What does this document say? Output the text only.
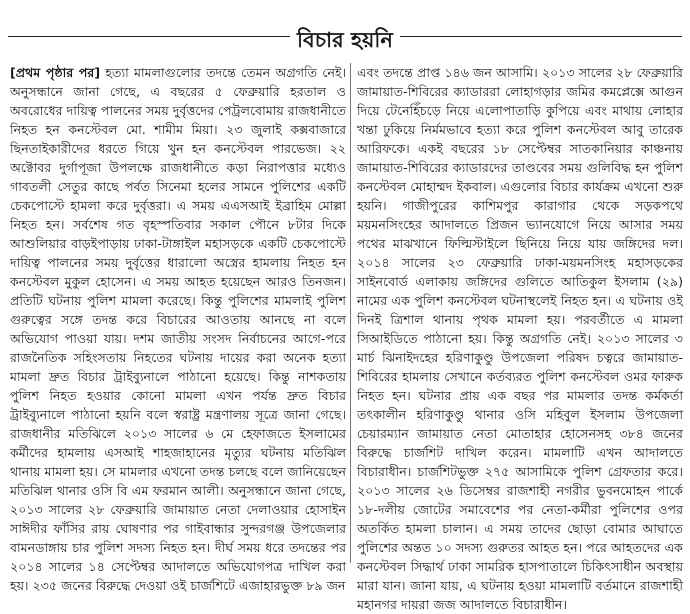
বিচার হয়নি
[প্রথম পৃষ্ঠার পর] হত্যা মামলাগুলোর তদন্তে তেমন অগ্রগতি নেই। অনুসন্ধানে জানা গেছে, এ বছরের ৫ ফেব্রুয়ারি হরতাল ও অবরোধের দায়িত্ব পালনের সময় দুর্বৃত্তদের পেট্রলবোমায় রাজধানীতে নিহত হন কনস্টেবল মো. শামীম মিয়া। ২৩ জুলাই কক্সবাজারে ছিনতাইকারীদের ধরতে গিয়ে খুন হন কনস্টেবল পারভেজ। ২২ অক্টোবর দুর্গাপূজা উপলক্ষে রাজধানীতে কড়া নিরাপত্তার মধ্যেও গাবতলী সেতুর কাছে পর্বত সিনেমা হলের সামনে পুলিশের একটি চেকপোস্টে হামলা করে দুর্বৃত্তরা। এ সময় এএসআই ইব্রাহিম মোল্লা নিহত হন। সর্বশেষ গত বৃহস্পতিবার সকাল পৌনে ৮টার দিকে আশুলিয়ার বাড়ইপাড়ায় ঢাকা-টাঙ্গাইল মহাসড়কে একটি চেকপোস্টে দায়িত্ব পালনের সময় দুর্বৃত্তের ধারালো অস্ত্রের হামলায় নিহত হন কনস্টেবল মুকুল হোসেন। এ সময় আহত হয়েছেন আরও তিনজন। প্রতিটি ঘটনায় পুলিশ মামলা করেছে। কিন্তু পুলিশের মামলাই পুলিশ গুরুত্বের সঙ্গে তদন্ত করে বিচারের আওতায় আনছে না বলে অভিযোগ পাওয়া যায়। দশম জাতীয় সংসদ নির্বাচনের আগে-পরে রাজনৈতিক সহিংসতায় নিহতের ঘটনায় দায়ের করা অনেক হত্যা মামলা দ্রুত বিচার ট্রাইব্যুনালে পাঠানো হয়েছে। কিন্তু নাশকতায় পুলিশ নিহত হওয়ার কোনো মামলা এখন পর্যন্ত দ্রুত বিচার ট্রাইব্যুনালে পাঠানো হয়নি বলে স্বরাষ্ট্র মন্ত্রণালয় সূত্রে জানা গেছে। রাজধানীর মতিঝিলে ২০১৩ সালের ৬ মে হেফাজতে ইসলামের কর্মীদের হামলায় এসআই শাহজাহানের মৃত্যুর ঘটনায় মতিঝিল থানায় মামলা হয়। সে মামলার এখনো তদন্ত চলছে বলে জানিয়েছেন মতিঝিল থানার ওসি বি এম ফরমান আলী। অনুসন্ধানে জানা গেছে, ২০১৩ সালের ২৮ ফেব্রুয়ারি জামায়াত নেতা দেলাওয়ার হোসাইন সাঈদীর ফাঁসির রায় ঘোষণার পর গাইবান্ধার সুন্দরগঞ্জ উপজেলার বামনডাঙ্গায় চার পুলিশ সদস্য নিহত হন। দীর্ঘ সময় ধরে তদন্তের পর ২০১৪ সালের ১৪ সেপ্টেম্বর আদালতে অভিযোগপত্র দাখিল করা হয়। ২৩৫ জনের বিরুদ্ধে দেওয়া ওই চার্জশিটে এজাহারভুক্ত ৮৯ জন
এবং তদন্তে প্রাপ্ত ১৪৬ জন আসামি। ২০১৩ সালের ২৮ ফেব্রুয়ারি জামায়াত-শিবিরের ক্যাডাররা লোহাগড়ার জমির কমপ্লেক্সে আগুন দিয়ে টেনেহিঁচড়ে নিয়ে এলোপাতাড়ি কুপিয়ে এবং মাথায় লোহার খন্তা ঢুকিয়ে নির্মমভাবে হত্যা করে পুলিশ কনস্টেবল আবু তারেক আরিফকে। একই বছরের ১৮ সেপ্টেম্বর সাতকানিয়ার কাঞ্চনায় জামায়াত-শিবিরের ক্যাডারদের তাণ্ডবের সময় গুলিবিদ্ধ হন পুলিশ কনস্টেবল মোহাম্মদ ইকবাল। এগুলোর বিচার কার্যক্রম এখনো শুরু হয়নি। গাজীপুরের কাশিমপুর কারাগার থেকে সড়কপথে ময়মনসিংহের আদালতে প্রিজন ভ্যানযোগে নিয়ে আসার সময় পথের মাঝখানে ফিল্মিস্টাইলে ছিনিয়ে নিয়ে যায় জঙ্গিদের দল। ২০১৪ সালের ২৩ ফেব্রুয়ারি ঢাকা-ময়মনসিংহ মহাসড়কের সাইনবোর্ড এলাকায় জঙ্গিদের গুলিতে আতিকুল ইসলাম (২৯) নামের এক পুলিশ কনস্টেবল ঘটনাস্থলেই নিহত হন। এ ঘটনায় ওই দিনই ত্রিশাল থানায় পৃথক মামলা হয়। পরবর্তীতে এ মামলা সিআইডিতে পাঠানো হয়। কিন্তু অগ্রগতি নেই। ২০১৩ সালের ৩ মার্চ ঝিনাইদহের হরিণাকুণ্ডু উপজেলা পরিষদ চত্বরে জামায়াত-শিবিরের হামলায় সেখানে কর্তব্যরত পুলিশ কনস্টেবল ওমর ফারুক নিহত হন। ঘটনার প্রায় এক বছর পর মামলার তদন্ত কর্মকর্তা তৎকালীন হরিণাকুণ্ডু থানার ওসি মহিবুল ইসলাম উপজেলা চেয়ারম্যান জামায়াত নেতা মোতাহার হোসেনসহ ৩৮৪ জনের বিরুদ্ধে চার্জশিট দাখিল করেন। মামলাটি এখন আদালতে বিচারাধীন। চার্জশিটভুক্ত ২৭৫ আসামিকে পুলিশ গ্রেফতার করে। ২০১৩ সালের ২৬ ডিসেম্বর রাজশাহী নগরীর ভুবনমোহন পার্কে ১৮-দলীয় জোটের সমাবেশের পর নেতা-কর্মীরা পুলিশের ওপর অতর্কিত হামলা চালান। এ সময় তাদের ছোড়া বোমার আঘাতে পুলিশের অন্তত ১০ সদস্য গুরুতর আহত হন। পরে আহতদের এক কনস্টেবল সিদ্ধার্থ ঢাকা সামরিক হাসপাতালে চিকিৎসাধীন অবস্থায় মারা যান। জানা যায়, এ ঘটনায় হওয়া মামলাটি বর্তমানে রাজশাহী মহানগর দায়রা জজ আদালতে বিচারাধীন।
